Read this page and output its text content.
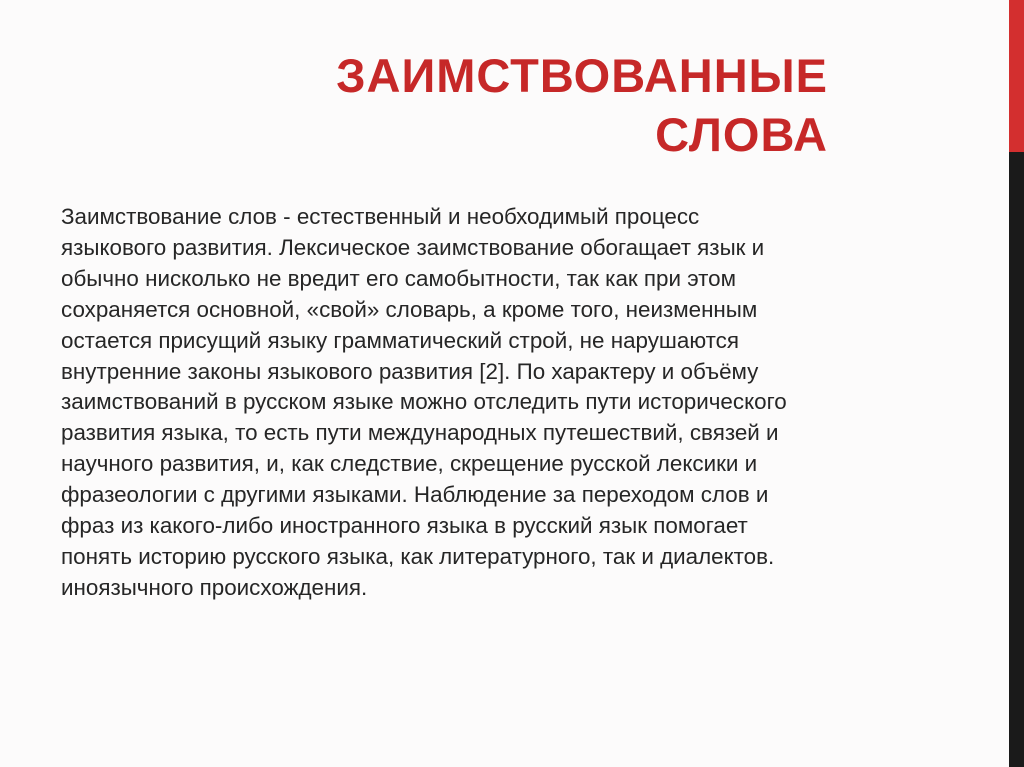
ЗАИМСТВОВАННЫЕ
СЛОВА
Заимствование слов - естественный и необходимый процесс
языкового развития. Лексическое заимствование обогащает язык и
обычно нисколько не вредит его самобытности, так как при этом
сохраняется основной, «свой» словарь, а кроме того, неизменным
остается присущий языку грамматический строй, не нарушаются
внутренние законы языкового развития [2]. По характеру и объёму
заимствований в русском языке можно отследить пути исторического
развития языка, то есть пути международных путешествий, связей и
научного развития, и, как следствие, скрещение русской лексики и
фразеологии с другими языками. Наблюдение за переходом слов и
фраз из какого-либо иностранного языка в русский язык помогает
понять историю русского языка, как литературного, так и диалектов.
иноязычного происхождения.
